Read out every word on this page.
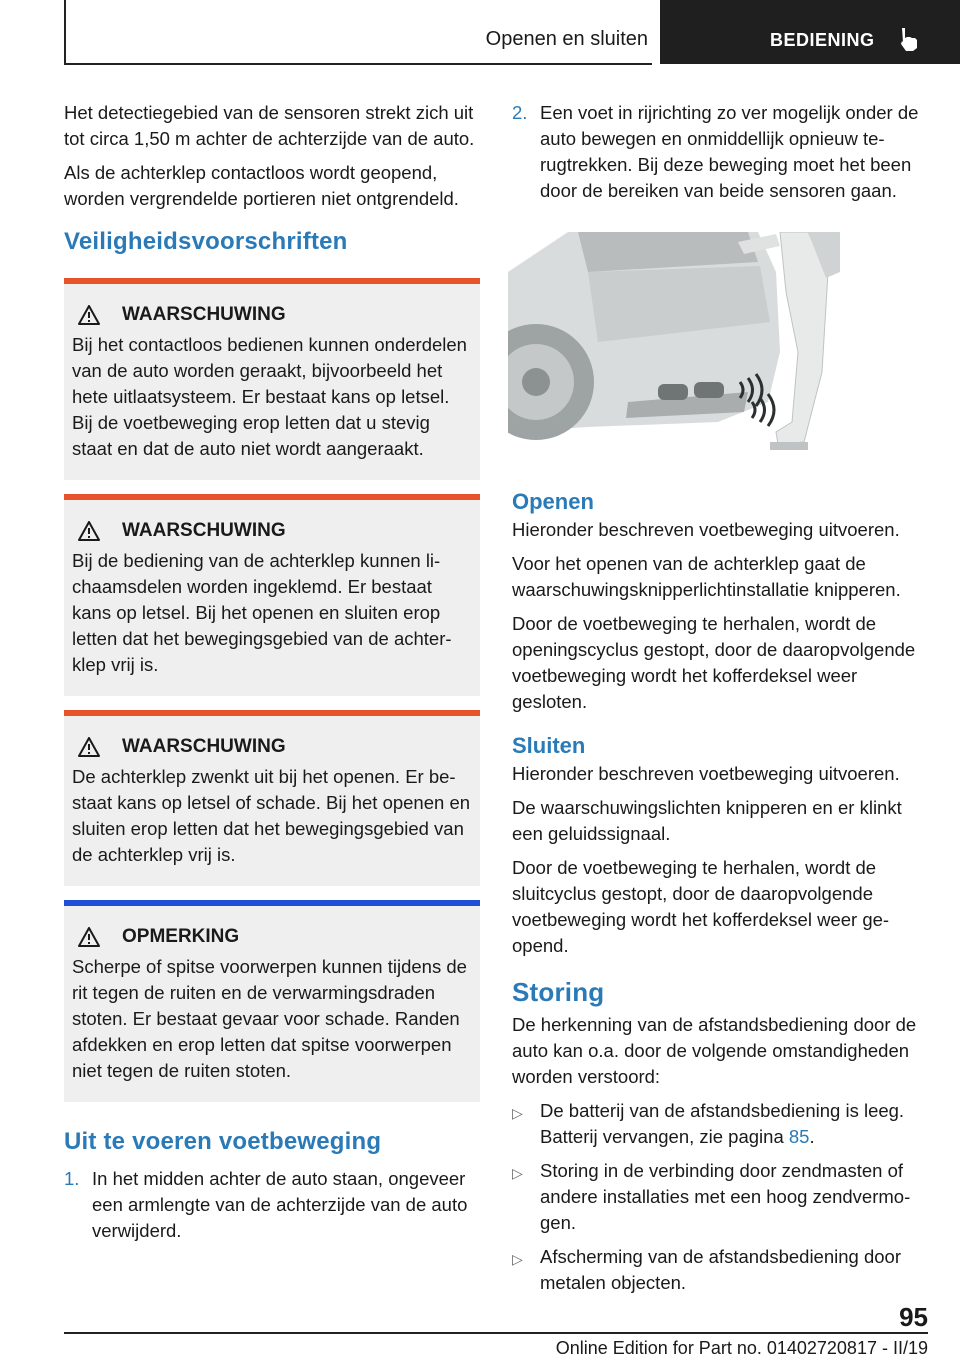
Openen en sluiten	BEDIENING

Het detectiegebied van de sensoren strekt zich uit tot circa 1,50 m achter de achterzijde van de auto.

Als de achterklep contactloos wordt geopend, worden vergrendelde portieren niet ontgrendeld.

Veiligheidsvoorschriften
WAARSCHUWING
Bij het contactloos bedienen kunnen onderdelen van de auto worden geraakt, bijvoorbeeld het hete uitlaatsysteem. Er bestaat kans op letsel. Bij de voetbeweging erop letten dat u stevig staat en dat de auto niet wordt aangeraakt.
WAARSCHUWING
Bij de bediening van de achterklep kunnen lichaamsdelen worden ingeklemd. Er bestaat kans op letsel. Bij het openen en sluiten erop letten dat het bewegingsgebied van de achterklep vrij is.
WAARSCHUWING
De achterklep zwenkt uit bij het openen. Er bestaat kans op letsel of schade. Bij het openen en sluiten erop letten dat het bewegingsgebied van de achterklep vrij is.
OPMERKING
Scherpe of spitse voorwerpen kunnen tijdens de rit tegen de ruiten en de verwarmingsdraden stoten. Er bestaat gevaar voor schade. Randen afdekken en erop letten dat spitse voorwerpen niet tegen de ruiten stoten.
Uit te voeren voetbeweging
1. In het midden achter de auto staan, ongeveer een armlengte van de achterzijde van de auto verwijderd.
2. Een voet in rijrichting zo ver mogelijk onder de auto bewegen en onmiddellijk opnieuw terugtrekken. Bij deze beweging moet het been door de bereiken van beide sensoren gaan.
Openen

Hieronder beschreven voetbeweging uitvoeren.

Voor het openen van de achterklep gaat de waarschuwingsknipperlichtinstallatie knipperen.

Door de voetbeweging te herhalen, wordt de openingscyclus gestopt, door de daaropvolgende voetbeweging wordt het kofferdeksel weer gesloten.

Sluiten

Hieronder beschreven voetbeweging uitvoeren.

De waarschuwingslichten knipperen en er klinkt een geluidssignaal.

Door de voetbeweging te herhalen, wordt de sluitcyclus gestopt, door de daaropvolgende voetbeweging wordt het kofferdeksel weer geopend.

Storing

De herkenning van de afstandsbediening door de auto kan o.a. door de volgende omstandigheden worden verstoord:

▷ De batterij van de afstandsbediening is leeg. Batterij vervangen, zie pagina 85.
▷ Storing in de verbinding door zendmasten of andere installaties met een hoog zendvermogen.
▷ Afscherming van de afstandsbediening door metalen objecten.
95
Online Edition for Part no. 01402720817 - II/19
